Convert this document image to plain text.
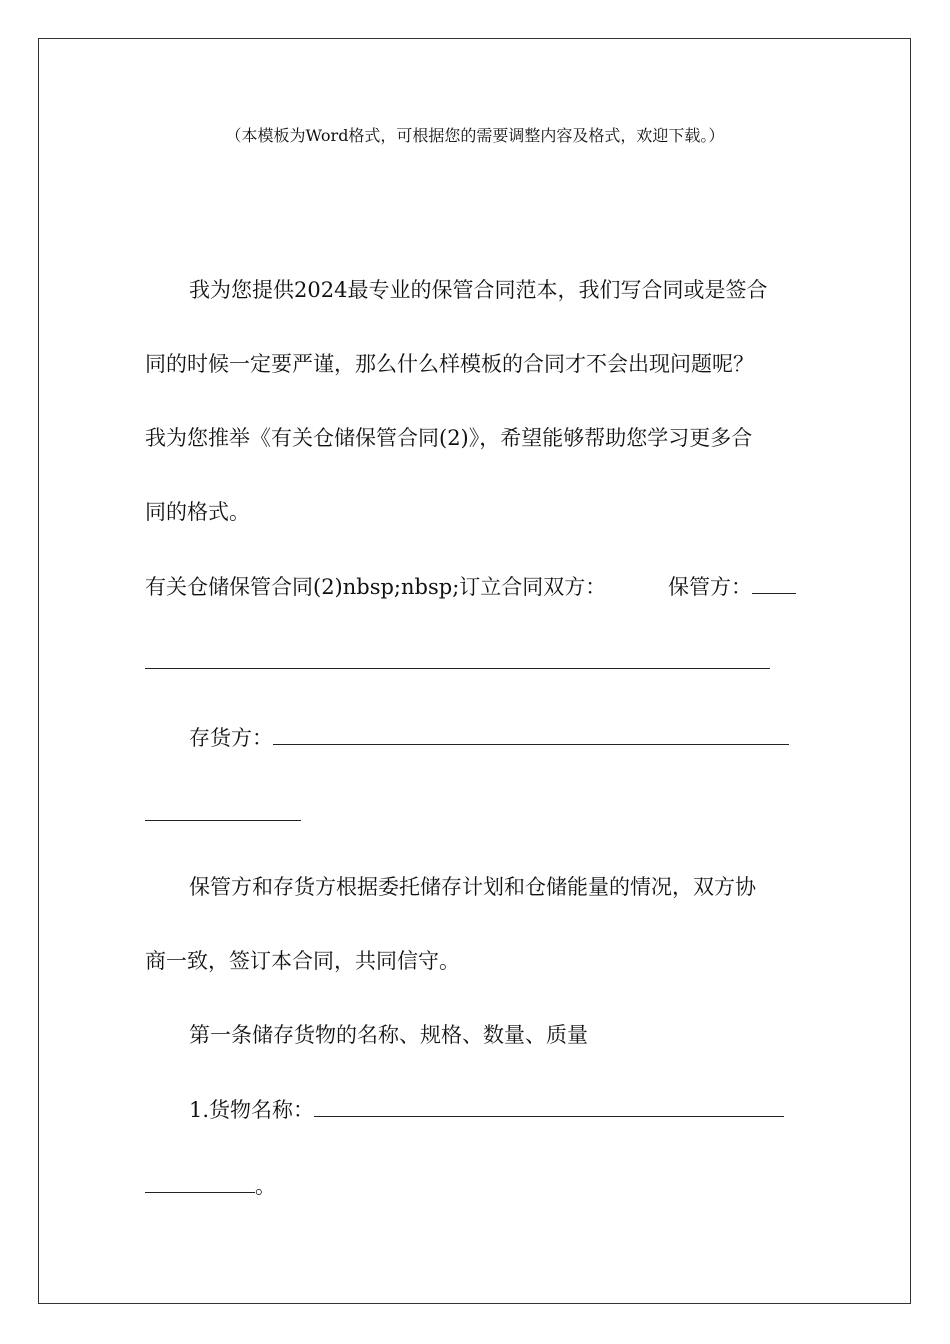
（本模板为Word格式，可根据您的需要调整内容及格式，欢迎下载。）
我为您提供2024最专业的保管合同范本，我们写合同或是签合
同的时候一定要严谨，那么什么样模板的合同才不会出现问题呢？
我为您推举《有关仓储保管合同(2)》，希望能够帮助您学习更多合
同的格式。
有关仓储保管合同(2)nbsp;nbsp;订立合同双方：	保管方：
存货方：
保管方和存货方根据委托储存计划和仓储能量的情况，双方协
商一致，签订本合同，共同信守。
第一条储存货物的名称、规格、数量、质量
1.货物名称：
。
